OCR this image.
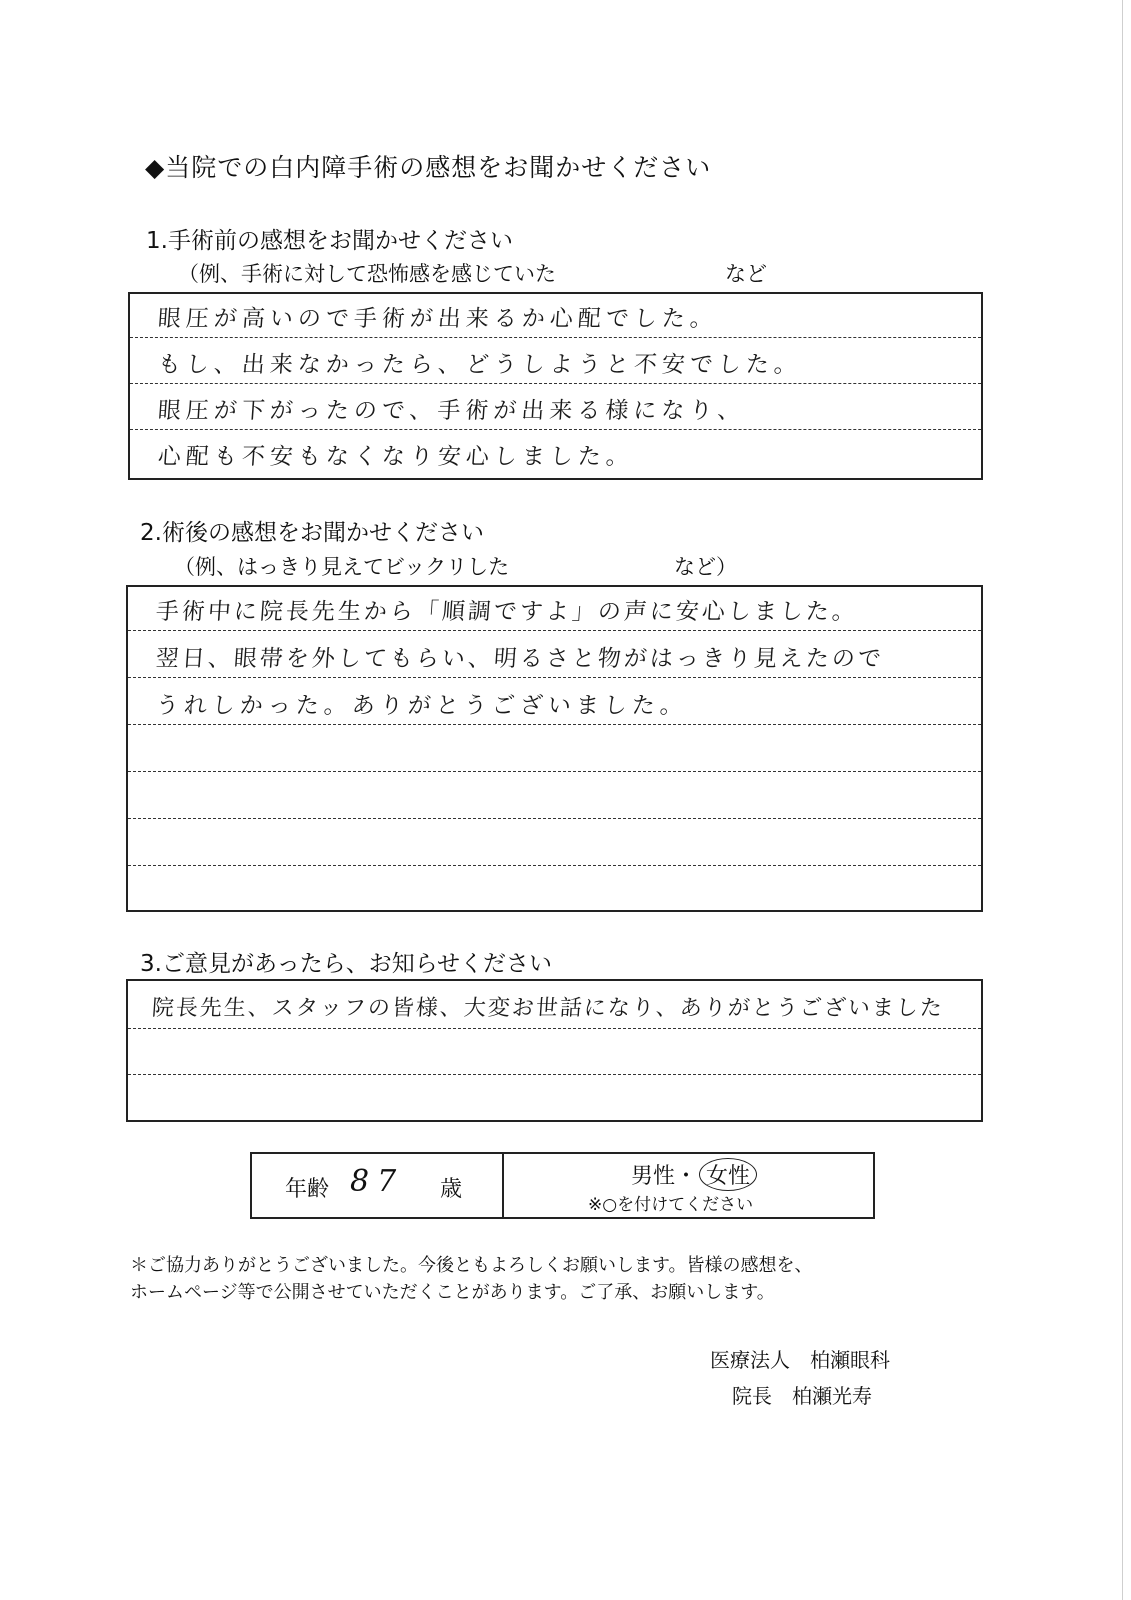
◆当院での白内障手術の感想をお聞かせください
1.手術前の感想をお聞かせください
（例、手術に対して恐怖感を感じていた	など
眼圧が高いので手術が出来るか心配でした。
もし、出来なかったら、どうしようと不安でした。
眼圧が下がったので、手術が出来る様になり、
心配も不安もなくなり安心しました。
2.術後の感想をお聞かせください
（例、はっきり見えてビックリした	など）
手術中に院長先生から「順調ですよ」の声に安心しました。
翌日、眼帯を外してもらい、明るさと物がはっきり見えたので
うれしかった。ありがとうございました。
3.ご意見があったら、お知らせください
院長先生、スタッフの皆様、大変お世話になり、ありがとうございました
年齢 87 歳
男性・ 女性
※○を付けてください
＊ご協力ありがとうございました。今後ともよろしくお願いします。皆様の感想を、
ホームページ等で公開させていただくことがあります。ご了承、お願いします。
医療法人　柏瀬眼科
院長　柏瀬光寿
